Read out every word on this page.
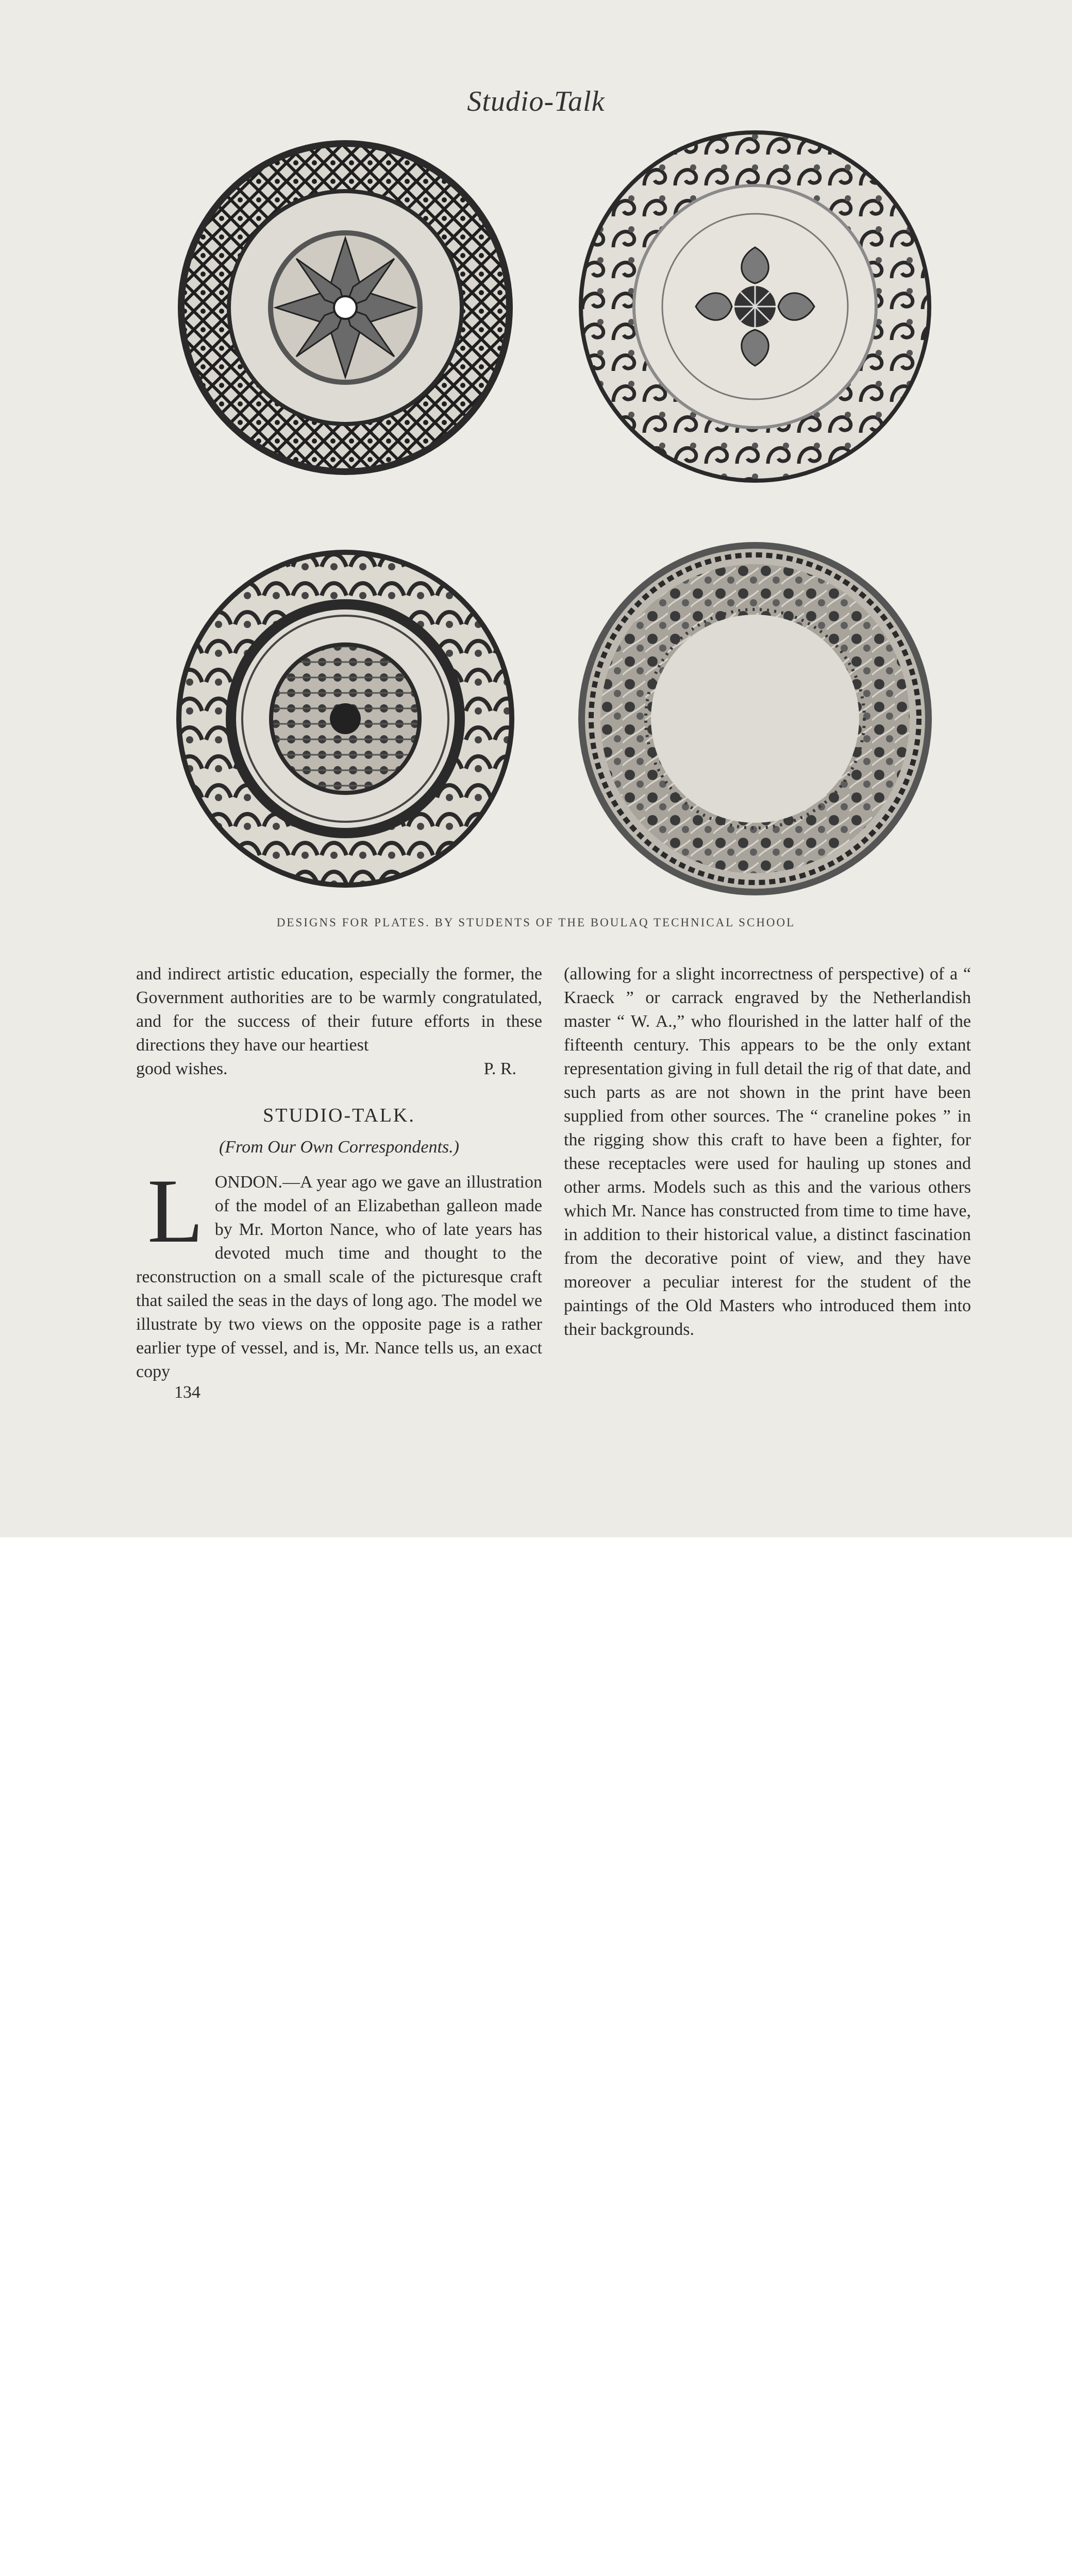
Studio-Talk
DESIGNS FOR PLATES. BY STUDENTS OF THE BOULAQ TECHNICAL SCHOOL

and indirect artistic education, especially the former, the Government authorities are to be warmly congratulated, and for the success of their future efforts in these directions they have our heartiest

good wishes.	P. R.
STUDIO-TALK.
(From Our Own Correspondents.)

LONDON.—A year ago we gave an illustration of the model of an Elizabethan galleon made by Mr. Morton Nance, who of late years has devoted much time and thought to the reconstruction on a small scale of the picturesque craft that sailed the seas in the days of long ago. The model we illustrate by two views on the opposite page is a rather earlier type of vessel, and is, Mr. Nance tells us, an exact copy

(allowing for a slight incorrectness of perspective) of a “ Kraeck ” or carrack engraved by the Netherlandish master “ W. A.,” who flourished in the latter half of the fifteenth century. This appears to be the only extant representation giving in full detail the rig of that date, and such parts as are not shown in the print have been supplied from other sources. The “ craneline pokes ” in the rigging show this craft to have been a fighter, for these receptacles were used for hauling up stones and other arms. Models such as this and the various others which Mr. Nance has constructed from time to time have, in addition to their historical value, a distinct fascination from the decorative point of view, and they have moreover a peculiar interest for the student of the paintings of the Old Masters who introduced them into their backgrounds.

134
